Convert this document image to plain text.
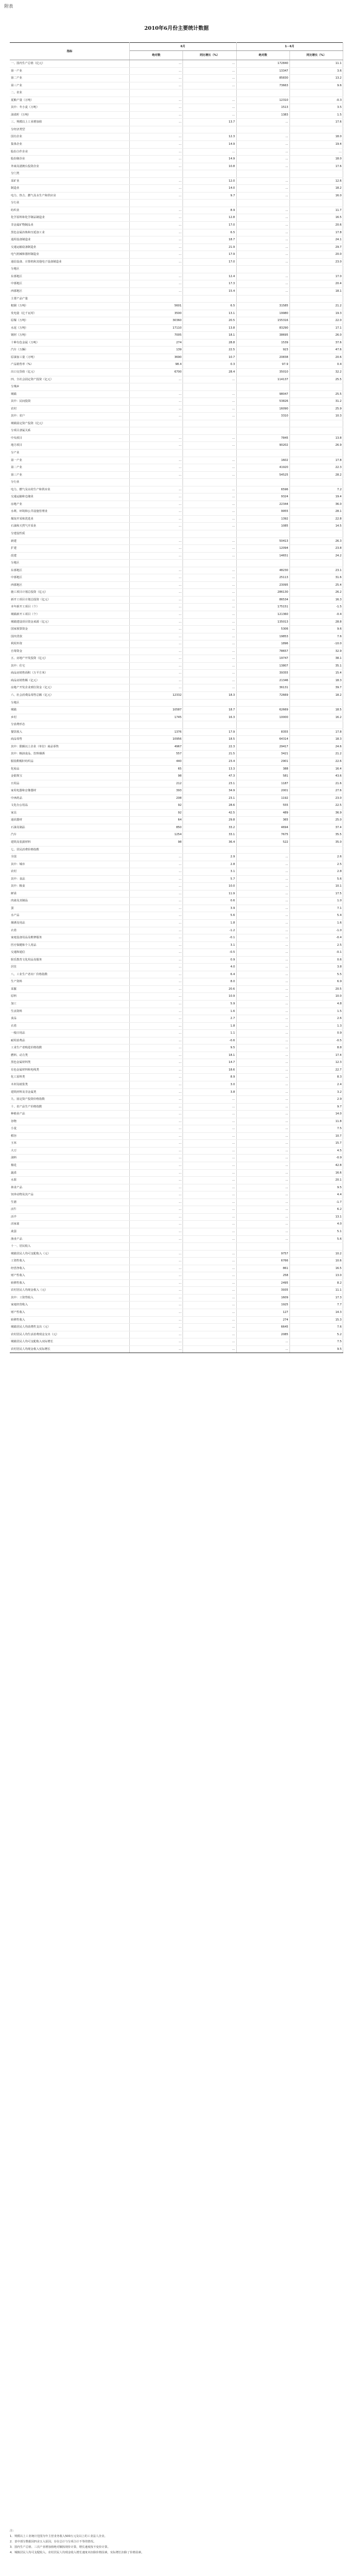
附表
2010年6月份主要统计数据
指标	6月		1－6月	
	绝对数	同比增长（%）	绝对数	同比增长（%）
一、国内生产总值（亿元）	…	…	172840	11.1
第一产业	…	…	13347	3.6
第二产业	…	…	85830	13.2
第三产业	…	…	73663	9.6
二、农业				
夏粮产量（万吨）	…	…	12310	-0.3
其中：冬小麦（万吨）	…	…	1513	3.5
油菜籽（万吨）	…	…	1383	1.5
三、规模以上工业增加值	…	13.7	…	17.6
分经济类型				
国有企业	…	12.3	…	18.0
集体企业	…	14.9	…	19.4
股份合作企业	…	…	…	…
股份制企业	…	14.9	…	18.0
外商及港澳台投资企业	…	10.8	…	17.6
分门类				
采矿业	…	12.0	…	12.6
制造业	…	14.0	…	18.2
电力、热力、燃气及水生产和供应业	…	9.7	…	16.0
分行业				
纺织业	…	8.9	…	11.7
化学原料和化学制品制造业	…	12.8	…	16.5
非金属矿物制品业	…	17.0	…	20.6
黑色金属冶炼和压延加工业	…	6.5	…	17.8
通用设备制造业	…	18.7	…	24.1
交通运输设备制造业	…	21.9	…	29.7
电气机械和器材制造业	…	17.9	…	20.0
通信设备、计算机和其他电子设备制造业	…	17.0	…	23.0
分地区				
东部地区	…	12.4	…	17.0
中部地区	…	17.3	…	20.4
西部地区	…	15.4	…	18.1
主要产品产量				
粗钢（万吨）	5601	6.5	31585	21.2
发电量（亿千瓦时）	3500	13.1	19980	19.3
原煤（万吨）	30360	20.5	155316	22.0
水泥（万吨）	17110	13.8	83290	17.1
钢材（万吨）	7005	18.1	38695	26.0
十种有色金属（万吨）	274	28.8	1539	37.6
汽车（万辆）	139	22.5	923	47.6
原油加工量（万吨）	3690	10.7	20838	20.6
产品销售率（%）	98.4	0.3	97.9	0.4
出口交货值（亿元）	6700	28.4	35010	32.2
四、全社会固定资产投资（亿元）	…	…	114137	25.5
分城乡				
城镇	…	…	98047	25.5
其中：民间投资	…	…	53826	31.2
农村	…	…	16090	25.9
其中：农户	…	…	3310	10.3
城镇固定资产投资（亿元）				
分项目隶属关系				
中央项目	…	…	7845	13.8
地方项目	…	…	90202	26.9
分产业				
第一产业	…	…	1602	17.8
第二产业	…	…	41920	22.3
第三产业	…	…	54525	28.2
分行业				
电力、燃气及水的生产和供应业	…	…	6596	7.2
交通运输和仓储业	…	…	9324	19.4
房地产业	…	…	22344	36.0
水利、环境和公共设施管理业	…	…	9955	28.1
煤炭开采和洗选业	…	…	1392	22.8
石油和天然气开采业	…	…	1085	14.5
分建设性质				
新建	…	…	50413	26.3
扩建	…	…	12094	23.8
改建	…	…	14651	24.2
分地区				
东部地区	…	…	48230	23.1
中部地区	…	…	25113	31.6
西部地区	…	…	23095	25.4
施工项目计划总投资（亿元）	…	…	286130	26.2
新开工项目计划总投资（亿元）	…	…	86534	16.3
本年新开工项目（个）	…	…	175151	-1.5
城镇新开工项目（个）	…	…	121360	-0.4
城镇建设项目资金来源（亿元）	…	…	135013	28.8
国家预算资金	…	…	5306	9.6
国内贷款	…	…	19853	7.6
利用外资	…	…	1896	-10.0
自筹资金	…	…	78657	32.9
五、房地产开发投资（亿元）	…	…	19747	38.1
其中：住宅	…	…	13807	35.1
商品房销售面积（万平方米）	…	…	39355	15.4
商品房销售额（亿元）	…	…	21346	18.3
房地产开发企业到位资金（亿元）	…	…	36131	39.7
六、社会消费品零售总额（亿元）	12332	18.3	72669	18.2
分地区				
城镇	10587	18.7	62669	18.5
乡村	1745	16.3	10000	16.2
分消费形态				
餐饮收入	1376	17.9	8355	17.8
商品零售	10956	18.5	64314	18.3
其中：限额以上企业（单位）商品零售	4967	22.3	29417	24.6
其中：粮油食品、饮料烟酒	557	21.5	3421	21.2
服装鞋帽针纺织品	440	23.4	2901	22.6
化妆品	65	13.3	388	16.4
金银珠宝	98	47.3	581	43.6
日用品	212	23.1	1187	21.6
家用电器和音像器材	393	34.9	2001	27.6
中西药品	208	23.1	1192	23.0
文化办公用品	92	28.6	555	22.5
家具	92	42.5	489	36.9
通讯器材	64	29.8	365	25.0
石油及制品	850	33.2	4694	37.4
汽车	1254	33.1	7675	35.5
建筑及装潢材料	98	36.4	522	35.0
七、居民消费价格指数				
全国	…	2.9	…	2.6
其中：城市	…	2.8	…	2.5
农村	…	3.1	…	2.8
其中：食品	…	5.7	…	5.6
其中：粮食	…	10.0	…	10.1
鲜菜	…	11.9	…	17.5
肉禽及其制品	…	0.6	…	1.0
蛋	…	3.9	…	7.1
水产品	…	5.6	…	5.4
烟酒及用品	…	1.8	…	1.6
衣着	…	-1.2	…	-1.0
家庭设备用品及维修服务	…	-0.1	…	-0.4
医疗保健和个人用品	…	3.1	…	2.5
交通和通信	…	-0.5	…	-0.1
娱乐教育文化用品及服务	…	0.9	…	0.6
居住	…	4.0	…	3.8
八、工业生产者出厂价格指数	…	6.4	…	5.5
生产资料	…	8.0	…	6.9
采掘	…	20.6	…	20.5
原料	…	10.9	…	10.0
加工	…	5.9	…	4.8
生活资料	…	1.6	…	1.5
食品	…	2.7	…	2.6
衣着	…	1.8	…	1.3
一般日用品	…	1.1	…	0.9
耐用消费品	…	-0.6	…	-0.5
工业生产者购进价格指数	…	9.5	…	8.8
燃料、动力类	…	18.1	…	17.4
黑色金属材料类	…	14.7	…	12.3
有色金属材料和电线类	…	18.6	…	22.7
化工原料类	…	8.9	…	8.3
木材及纸浆类	…	3.0	…	2.4
建筑材料及非金属类	…	3.8	…	3.2
九、固定资产投资价格指数	…	…	…	2.9
十、农产品生产价格指数	…	…	…	9.7
种植业产品	…	…	…	14.0
谷物	…	…	…	11.8
小麦	…	…	…	7.5
稻谷	…	…	…	10.7
玉米	…	…	…	15.7
大豆	…	…	…	4.5
油料	…	…	…	-0.9
棉花	…	…	…	42.8
蔬菜	…	…	…	16.6
水果	…	…	…	20.1
林业产品	…	…	…	9.5
饲养动物及其产品	…	…	…	4.4
生猪	…	…	…	-1.7
活牛	…	…	…	6.2
活羊	…	…	…	13.1
活家禽	…	…	…	4.0
禽蛋	…	…	…	5.1
渔业产品	…	…	…	5.6
十一、居民收入				
城镇居民人均可支配收入（元）	…	…	9757	10.2
工资性收入	…	…	6766	10.6
经营净收入	…	…	861	16.5
财产性收入	…	…	258	13.0
转移性收入	…	…	2495	8.2
农村居民人均现金收入（元）	…	…	3935	11.1
其中：工资性收入	…	…	1609	17.3
家庭经营收入	…	…	1925	7.7
财产性收入	…	…	127	14.3
转移性收入	…	…	274	15.3
城镇居民人均消费性支出（元）	…	…	6645	7.6
农村居民人均生活消费现金支出（元）	…	…	2085	5.2
城镇居民人均可支配收入实际增长	…	…	…	7.5
农村居民人均现金收入实际增长	…	…	…	9.5
注：
1．规模以上工业统计范围为年主营业务收入500万元及以上的工业法人企业。
2．表中部分数据因四舍五入原因，存在总计与分项合计不等的情况。
3．国内生产总值、三次产业增加值绝对额按现价计算，增长速度按不变价计算。
4．城镇居民人均可支配收入、农村居民人均现金收入增长速度未扣除价格因素，实际增长扣除了价格因素。
